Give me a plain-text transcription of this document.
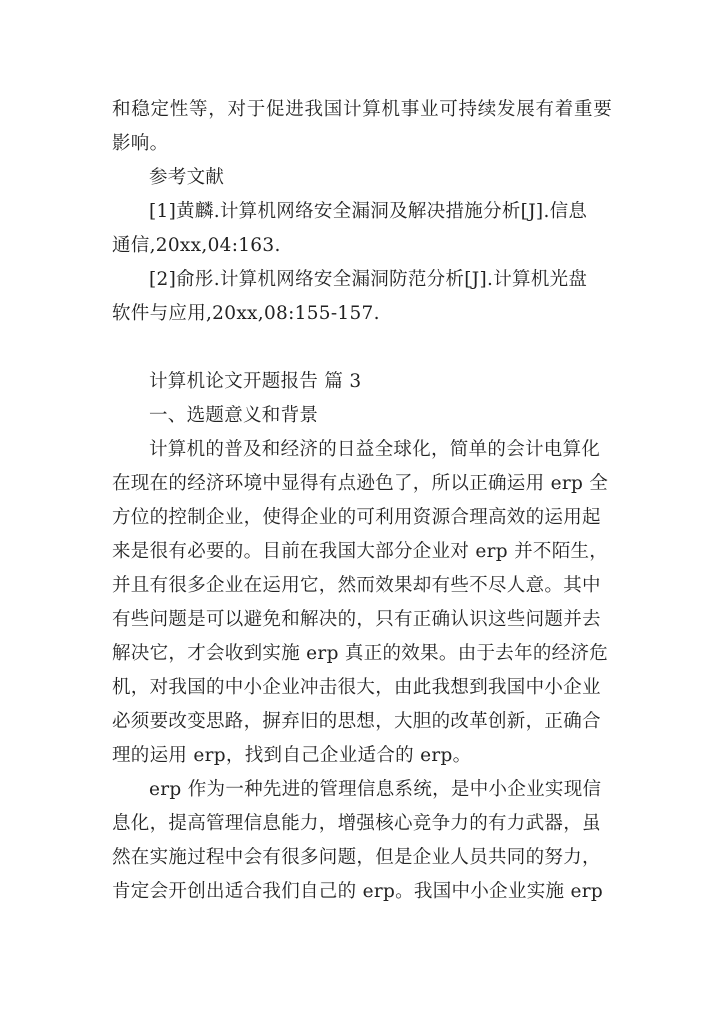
和稳定性等，对于促进我国计算机事业可持续发展有着重要
影响。
参考文献
[1]黄麟.计算机网络安全漏洞及解决措施分析[J].信息
通信,20xx,04:163.
[2]俞彤.计算机网络安全漏洞防范分析[J].计算机光盘
软件与应用,20xx,08:155-157.
计算机论文开题报告 篇 3
一、选题意义和背景
计算机的普及和经济的日益全球化，简单的会计电算化
在现在的经济环境中显得有点逊色了，所以正确运用 erp 全
方位的控制企业，使得企业的可利用资源合理高效的运用起
来是很有必要的。目前在我国大部分企业对 erp 并不陌生，
并且有很多企业在运用它，然而效果却有些不尽人意。其中
有些问题是可以避免和解决的，只有正确认识这些问题并去
解决它，才会收到实施 erp 真正的效果。由于去年的经济危
机，对我国的中小企业冲击很大，由此我想到我国中小企业
必须要改变思路，摒弃旧的思想，大胆的改革创新，正确合
理的运用 erp，找到自己企业适合的 erp。
erp 作为一种先进的管理信息系统，是中小企业实现信
息化，提高管理信息能力，增强核心竞争力的有力武器，虽
然在实施过程中会有很多问题，但是企业人员共同的努力，
肯定会开创出适合我们自己的 erp。我国中小企业实施 erp
